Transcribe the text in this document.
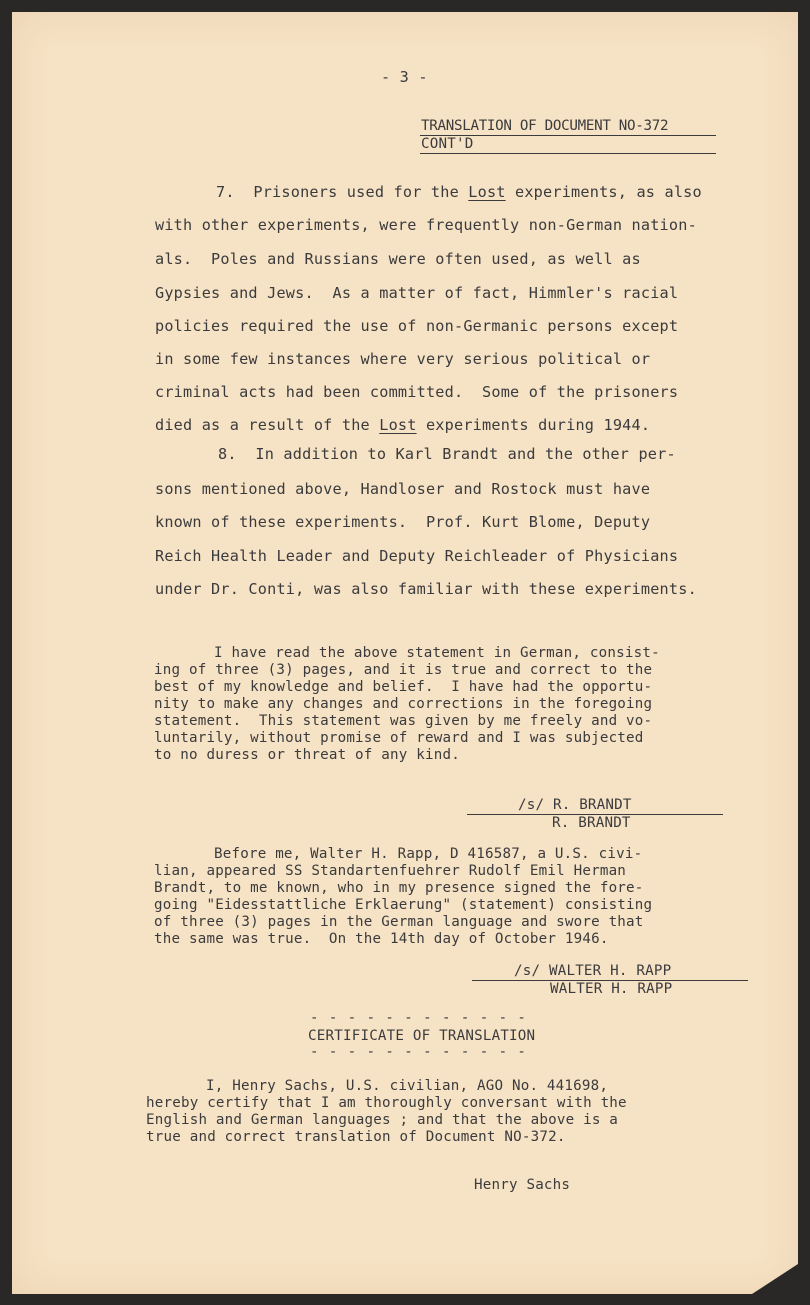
- 3 -
TRANSLATION OF DOCUMENT NO-372
CONT'D
7.  Prisoners used for the Lost experiments, as also
with other experiments, were frequently non-German nation-
als.  Poles and Russians were often used, as well as
Gypsies and Jews.  As a matter of fact, Himmler's racial
policies required the use of non-Germanic persons except
in some few instances where very serious political or
criminal acts had been committed.  Some of the prisoners
died as a result of the Lost experiments during 1944.
8.  In addition to Karl Brandt and the other per-
sons mentioned above, Handloser and Rostock must have
known of these experiments.  Prof. Kurt Blome, Deputy
Reich Health Leader and Deputy Reichleader of Physicians
under Dr. Conti, was also familiar with these experiments.
I have read the above statement in German, consist-
ing of three (3) pages, and it is true and correct to the
best of my knowledge and belief.  I have had the opportu-
nity to make any changes and corrections in the foregoing
statement.  This statement was given by me freely and vo-
luntarily, without promise of reward and I was subjected
to no duress or threat of any kind.
/s/ R. BRANDT
R. BRANDT
Before me, Walter H. Rapp, D 416587, a U.S. civi-
lian, appeared SS Standartenfuehrer Rudolf Emil Herman
Brandt, to me known, who in my presence signed the fore-
going "Eidesstattliche Erklaerung" (statement) consisting
of three (3) pages in the German language and swore that
the same was true.  On the 14th day of October 1946.
/s/ WALTER H. RAPP
WALTER H. RAPP
- - - - - - - - - - - -
CERTIFICATE OF TRANSLATION
- - - - - - - - - - - -
I, Henry Sachs, U.S. civilian, AGO No. 441698,
hereby certify that I am thoroughly conversant with the
English and German languages ; and that the above is a
true and correct translation of Document NO-372.
Henry Sachs
